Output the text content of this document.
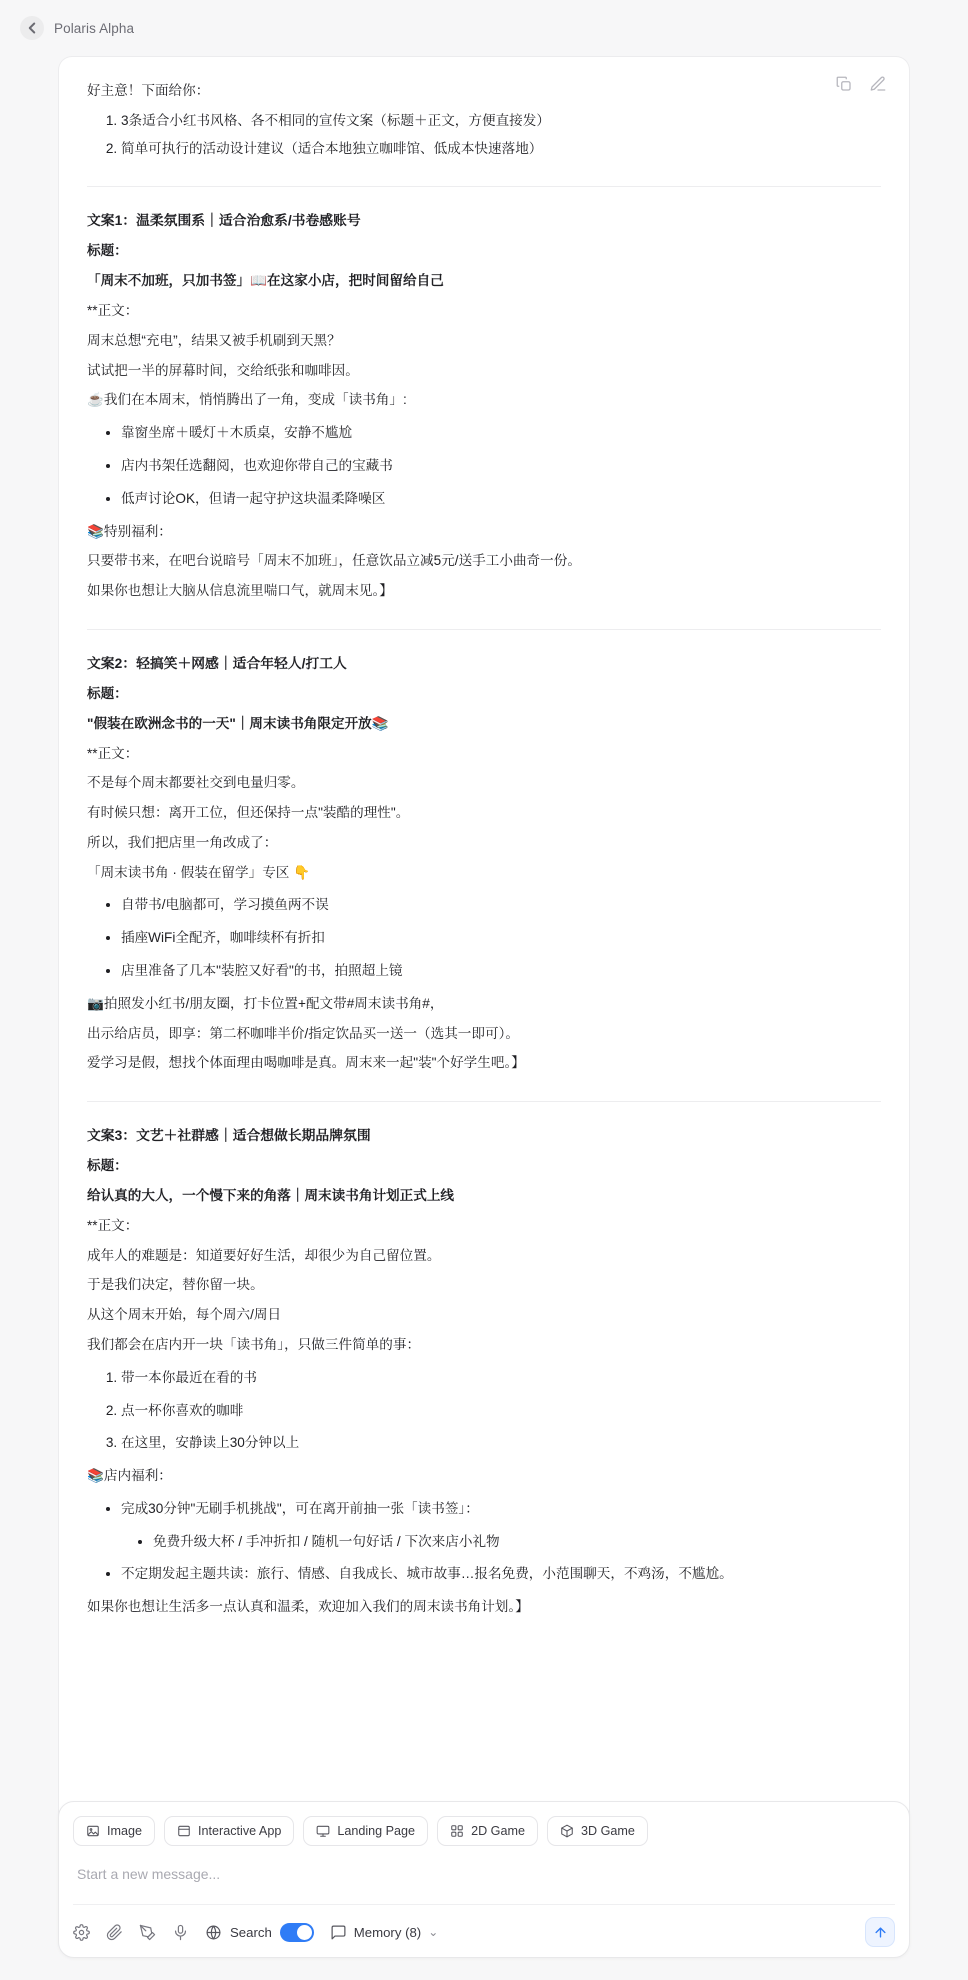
Polaris Alpha

好主意！下面给你：

1. 3条适合小红书风格、各不相同的宣传文案（标题＋正文，方便直接发）
2. 简单可执行的活动设计建议（适合本地独立咖啡馆、低成本快速落地）

文案1：温柔氛围系｜适合治愈系/书卷感账号

标题：

「周末不加班，只加书签」📖在这家小店，把时间留给自己

**正文：

周末总想“充电”，结果又被手机刷到天黑？

试试把一半的屏幕时间，交给纸张和咖啡因。

☕我们在本周末，悄悄腾出了一角，变成「读书角」:

• 靠窗坐席＋暖灯＋木质桌，安静不尴尬
• 店内书架任选翻阅，也欢迎你带自己的宝藏书
• 低声讨论OK，但请一起守护这块温柔降噪区

📚特别福利：

只要带书来，在吧台说暗号「周末不加班」，任意饮品立减5元/送手工小曲奇一份。

如果你也想让大脑从信息流里喘口气，就周末见。】

文案2：轻搞笑＋网感｜适合年轻人/打工人

标题：

"假装在欧洲念书的一天"｜周末读书角限定开放📚

**正文：

不是每个周末都要社交到电量归零。

有时候只想：离开工位，但还保持一点"装酷的理性"。

所以，我们把店里一角改成了：

「周末读书角 · 假装在留学」专区 👇

• 自带书/电脑都可，学习摸鱼两不误
• 插座WiFi全配齐，咖啡续杯有折扣
• 店里准备了几本"装腔又好看"的书，拍照超上镜

📷拍照发小红书/朋友圈，打卡位置+配文带#周末读书角#，

出示给店员，即享：第二杯咖啡半价/指定饮品买一送一（选其一即可）。

爱学习是假，想找个体面理由喝咖啡是真。周末来一起"装"个好学生吧。】

文案3：文艺＋社群感｜适合想做长期品牌氛围

标题：

给认真的大人，一个慢下来的角落｜周末读书角计划正式上线

**正文：

成年人的难题是：知道要好好生活，却很少为自己留位置。

于是我们决定，替你留一块。

从这个周末开始，每个周六/周日

我们都会在店内开一块「读书角」，只做三件简单的事：

1. 带一本你最近在看的书
2. 点一杯你喜欢的咖啡
3. 在这里，安静读上30分钟以上

📚店内福利：

• 完成30分钟"无刷手机挑战"，可在离开前抽一张「读书签」：
• 免费升级大杯 / 手冲折扣 / 随机一句好话 / 下次来店小礼物
• 不定期发起主题共读：旅行、情感、自我成长、城市故事…报名免费，小范围聊天，不鸡汤，不尴尬。

如果你也想让生活多一点认真和温柔，欢迎加入我们的周末读书角计划。】

Image	Interactive App	Landing Page	2D Game	3D Game
Start a new message...
Search	Memory (8) ⌄
